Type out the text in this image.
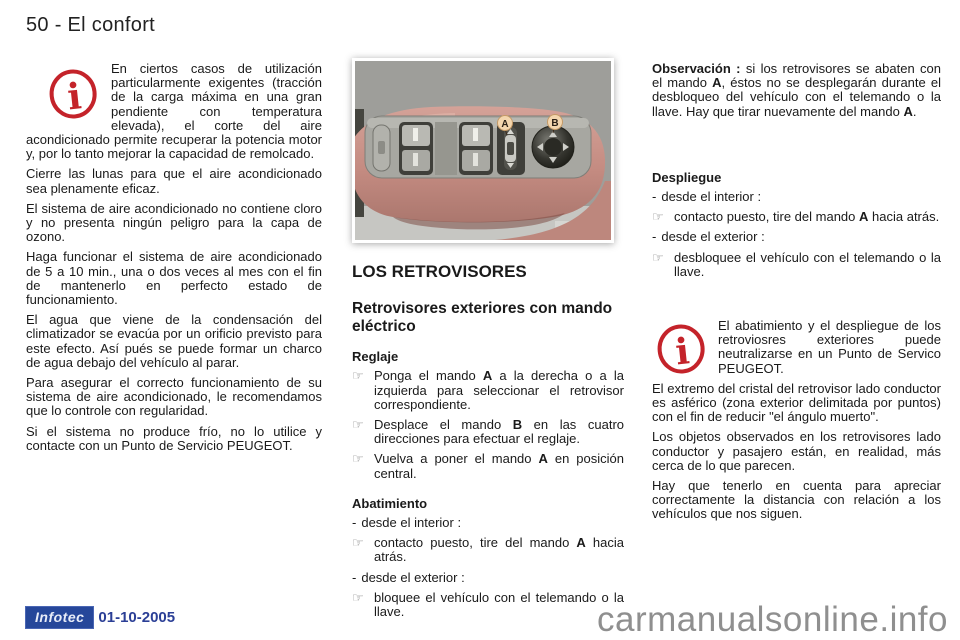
50 - El confort
i

En ciertos casos de utilización particularmente exigentes (tracción de la carga máxima en una gran pendiente con temperatura elevada), el corte del aire acondicionado permite recuperar la potencia motor y, por lo tanto mejorar la capacidad de remolcado.

Cierre las lunas para que el aire acondicionado sea plenamente eficaz.

El sistema de aire acondicionado no contiene cloro y no presenta ningún peligro para la capa de ozono.

Haga funcionar el sistema de aire acondicionado de 5 a 10 min., una o dos veces al mes con el fin de mantenerlo en perfecto estado de funcionamiento.

El agua que viene de la condensación del climatizador se evacúa por un orificio previsto para este efecto. Así pués se puede formar un charco de agua debajo del vehículo al parar.

Para asegurar el correcto funcionamiento de su sistema de aire acondicionado, le recomendamos que lo controle con regularidad.

Si el sistema no produce frío, no lo utilice y contacte con un Punto de Servicio PEUGEOT.

A	B
LOS RETROVISORES
Retrovisores exteriores con mando eléctrico
Reglaje
☞ Ponga el mando A a la derecha o a la izquierda para seleccionar el retrovisor correspondiente.
☞ Desplace el mando B en las cuatro direcciones para efectuar el reglaje.
☞ Vuelva a poner el mando A en posición central.
Abatimiento
- desde el interior :
☞ contacto puesto, tire del mando A hacia atrás.
- desde el exterior :
☞ bloquee el vehículo con el telemando o la llave.

Observación : si los retrovisores se abaten con el mando A, éstos no se desplegarán durante el desbloqueo del vehículo con el telemando o la llave. Hay que tirar nuevamente del mando A.

Despliegue
- desde el interior :
☞ contacto puesto, tire del mando A hacia atrás.
- desde el exterior :
☞ desbloquee el vehículo con el telemando o la llave.
i

El abatimiento y el despliegue de los retroviosres exteriores puede neutralizarse en un Punto de Servico PEUGEOT.

El extremo del cristal del retrovisor lado conductor es asférico (zona exterior delimitada por puntos) con el fin de reducir "el ángulo muerto".

Los objetos observados en los retrovisores lado conductor y pasajero están, en realidad, más cerca de lo que parecen.

Hay que tenerlo en cuenta para apreciar correctamente la distancia con relación a los vehículos que nos siguen.

Infotec 01-10-2005	carmanualsonline.info
